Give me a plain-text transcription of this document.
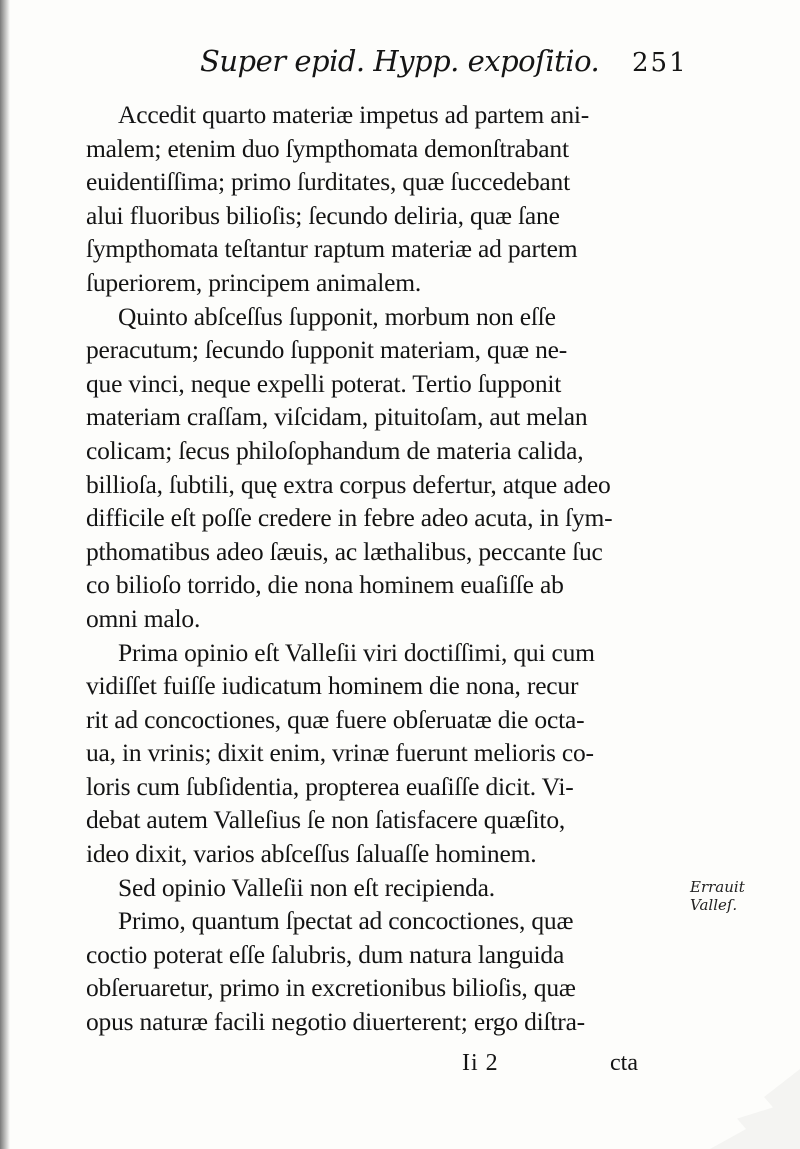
Super epid. Hypp. expoſitio. 251
Accedit quarto materiæ impetus ad partem ani-
malem; etenim duo ſympthomata demonſtrabant
euidentiſſima; primo ſurditates, quæ ſuccedebant
alui fluoribus bilioſis; ſecundo deliria, quæ ſane
ſympthomata teſtantur raptum materiæ ad partem
ſuperiorem, principem animalem.
Quinto abſceſſus ſupponit, morbum non eſſe
peracutum; ſecundo ſupponit materiam, quæ ne-
que vinci, neque expelli poterat. Tertio ſupponit
materiam craſſam, viſcidam, pituitoſam, aut melan
colicam; ſecus philoſophandum de materia calida,
billioſa, ſubtili, quę extra corpus defertur, atque adeo
difficile eſt poſſe credere in febre adeo acuta, in ſym-
pthomatibus adeo ſæuis, ac læthalibus, peccante ſuc
co bilioſo torrido, die nona hominem euaſiſſe ab
omni malo.
Prima opinio eſt Valleſii viri doctiſſimi, qui cum
vidiſſet fuiſſe iudicatum hominem die nona, recur
rit ad concoctiones, quæ fuere obſeruatæ die octa-
ua, in vrinis; dixit enim, vrinæ fuerunt melioris co-
loris cum ſubſidentia, propterea euaſiſſe dicit. Vi-
debat autem Valleſius ſe non ſatisfacere quæſito,
ideo dixit, varios abſceſſus ſaluaſſe hominem.
Sed opinio Valleſii non eſt recipienda.
Primo, quantum ſpectat ad concoctiones, quæ
coctio poterat eſſe ſalubris, dum natura languida
obſeruaretur, primo in excretionibus bilioſis, quæ
opus naturæ facili negotio diuerterent; ergo diſtra-
Errauit Valleſ.
Ii 2	cta
